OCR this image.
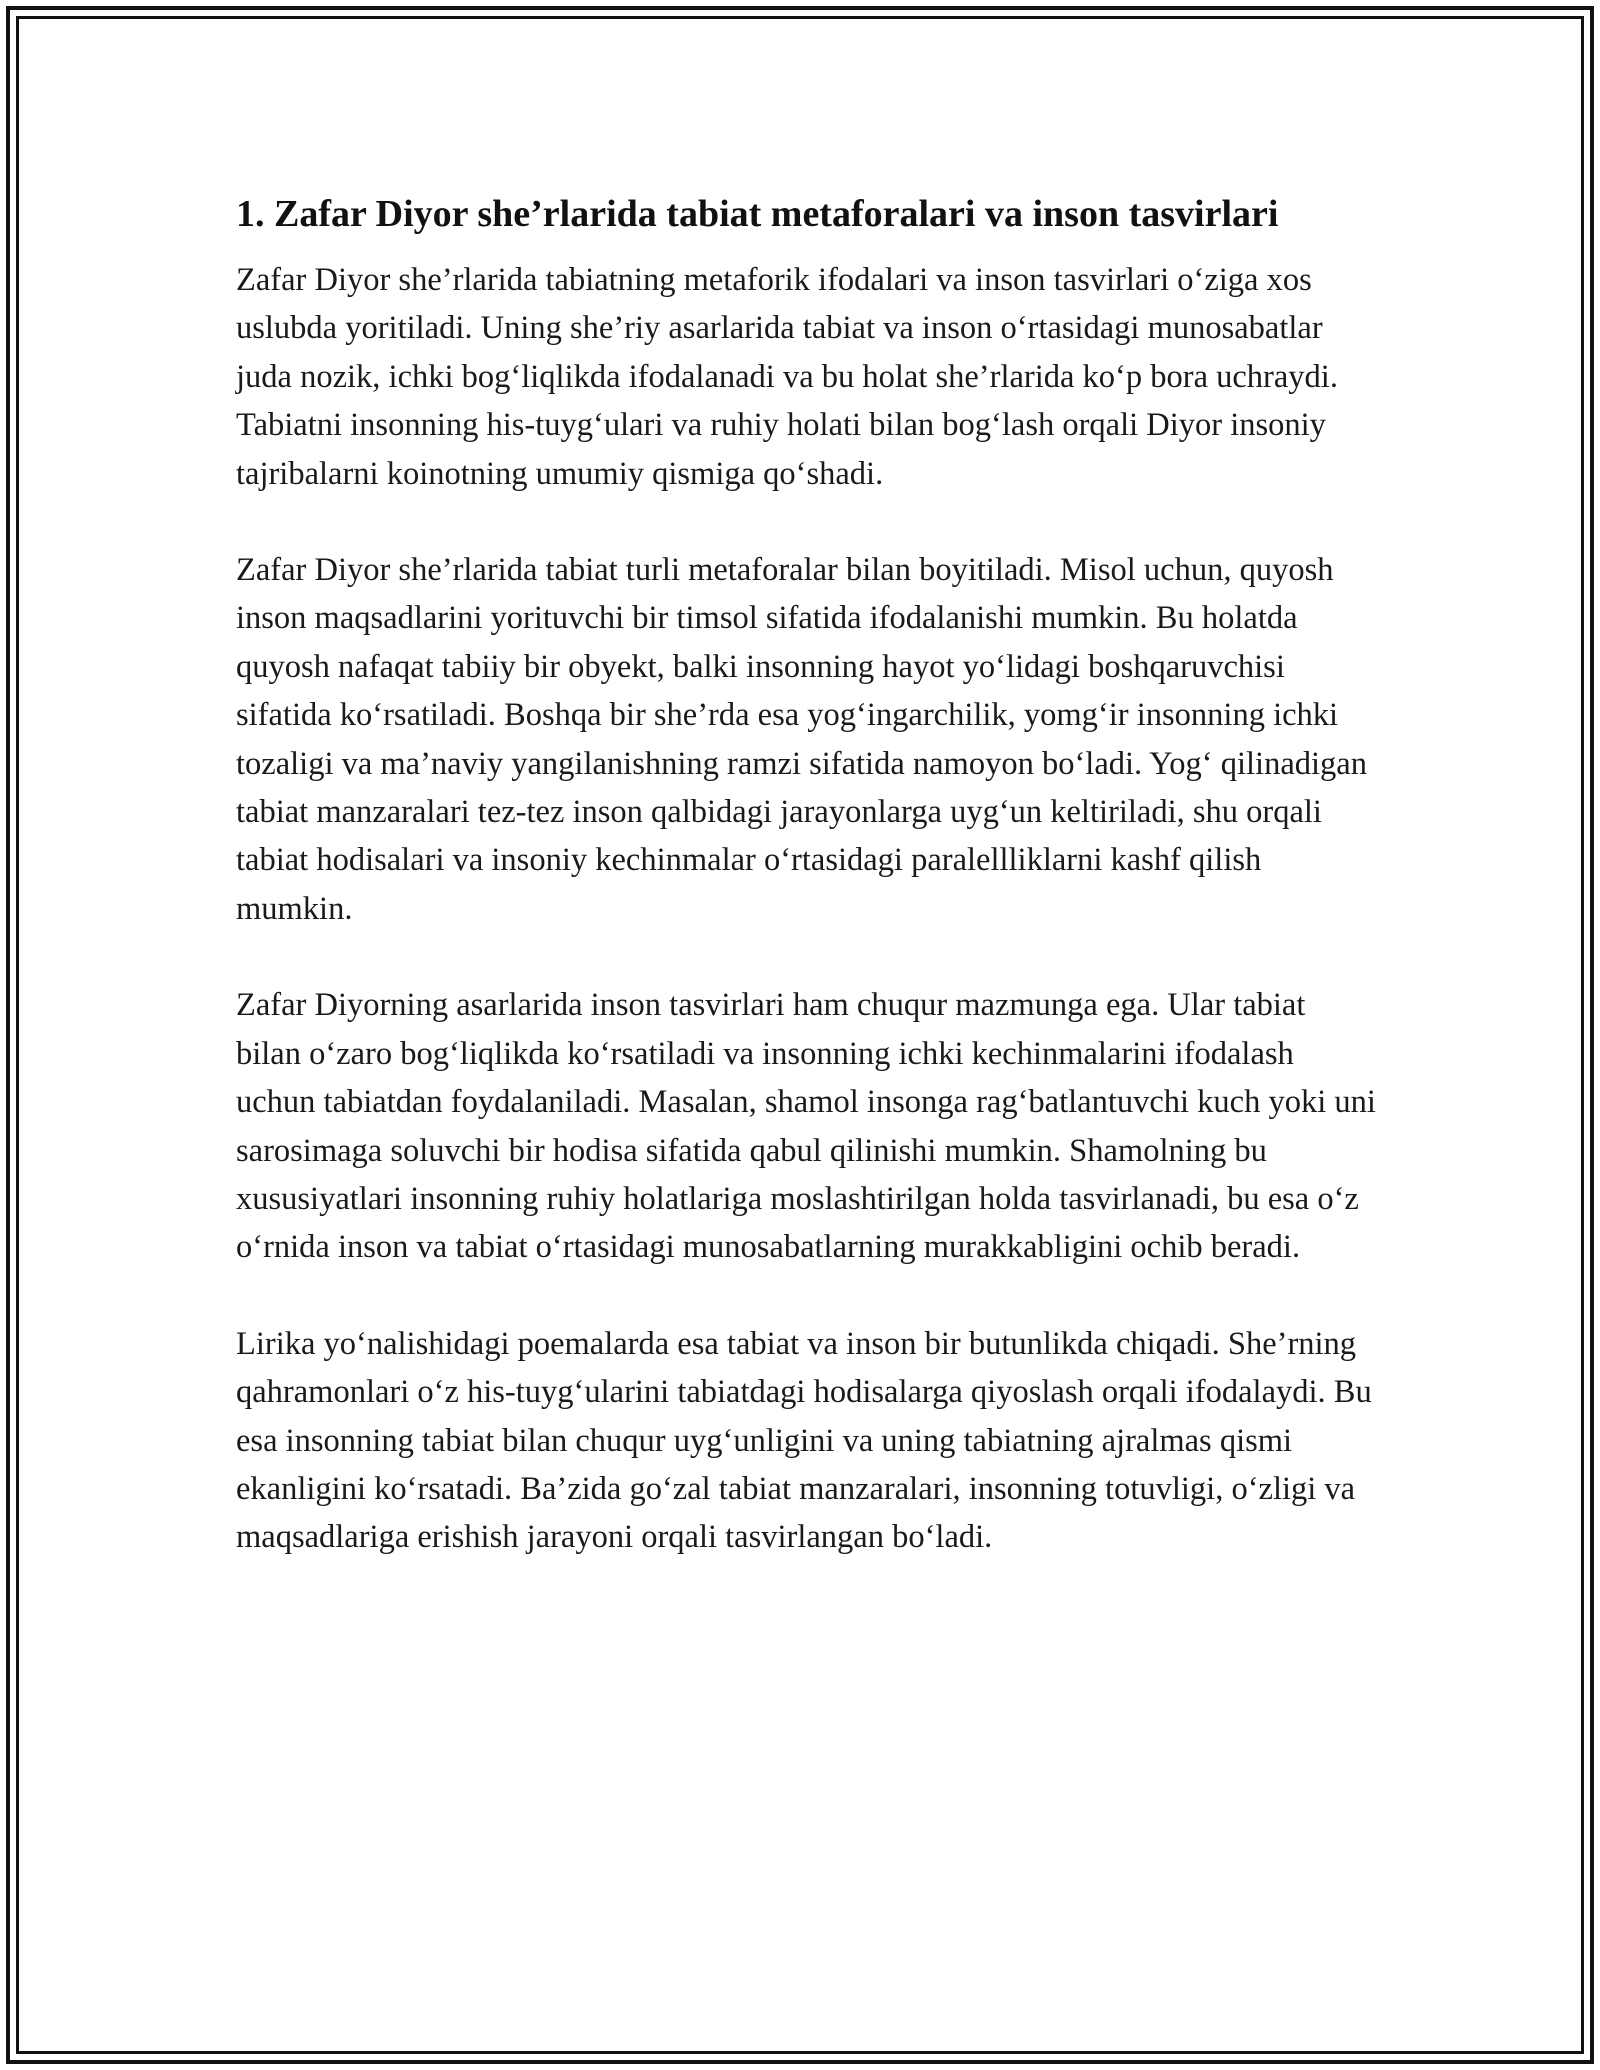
1. Zafar Diyor she’rlarida tabiat metaforalari va inson tasvirlari

Zafar Diyor she’rlarida tabiatning metaforik ifodalari va inson tasvirlari o‘ziga xos uslubda yoritiladi. Uning she’riy asarlarida tabiat va inson o‘rtasidagi munosabatlar juda nozik, ichki bog‘liqlikda ifodalanadi va bu holat she’rlarida ko‘p bora uchraydi. Tabiatni insonning his-tuyg‘ulari va ruhiy holati bilan bog‘lash orqali Diyor insoniy tajribalarni koinotning umumiy qismiga qo‘shadi.

Zafar Diyor she’rlarida tabiat turli metaforalar bilan boyitiladi. Misol uchun, quyosh inson maqsadlarini yorituvchi bir timsol sifatida ifodalanishi mumkin. Bu holatda quyosh nafaqat tabiiy bir obyekt, balki insonning hayot yo‘lidagi boshqaruvchisi sifatida ko‘rsatiladi. Boshqa bir she’rda esa yog‘ingarchilik, yomg‘ir insonning ichki tozaligi va ma’naviy yangilanishning ramzi sifatida namoyon bo‘ladi. Yog‘ qilinadigan tabiat manzaralari tez-tez inson qalbidagi jarayonlarga uyg‘un keltiriladi, shu orqali tabiat hodisalari va insoniy kechinmalar o‘rtasidagi paralellliklarni kashf qilish mumkin.

Zafar Diyorning asarlarida inson tasvirlari ham chuqur mazmunga ega. Ular tabiat bilan o‘zaro bog‘liqlikda ko‘rsatiladi va insonning ichki kechinmalarini ifodalash uchun tabiatdan foydalaniladi. Masalan, shamol insonga rag‘batlantuvchi kuch yoki uni sarosimaga soluvchi bir hodisa sifatida qabul qilinishi mumkin. Shamolning bu xususiyatlari insonning ruhiy holatlariga moslashtirilgan holda tasvirlanadi, bu esa o‘z o‘rnida inson va tabiat o‘rtasidagi munosabatlarning murakkabligini ochib beradi.

Lirika yo‘nalishidagi poemalarda esa tabiat va inson bir butunlikda chiqadi. She’rning qahramonlari o‘z his-tuyg‘ularini tabiatdagi hodisalarga qiyoslash orqali ifodalaydi. Bu esa insonning tabiat bilan chuqur uyg‘unligini va uning tabiatning ajralmas qismi ekanligini ko‘rsatadi. Ba’zida go‘zal tabiat manzaralari, insonning totuvligi, o‘zligi va maqsadlariga erishish jarayoni orqali tasvirlangan bo‘ladi.
